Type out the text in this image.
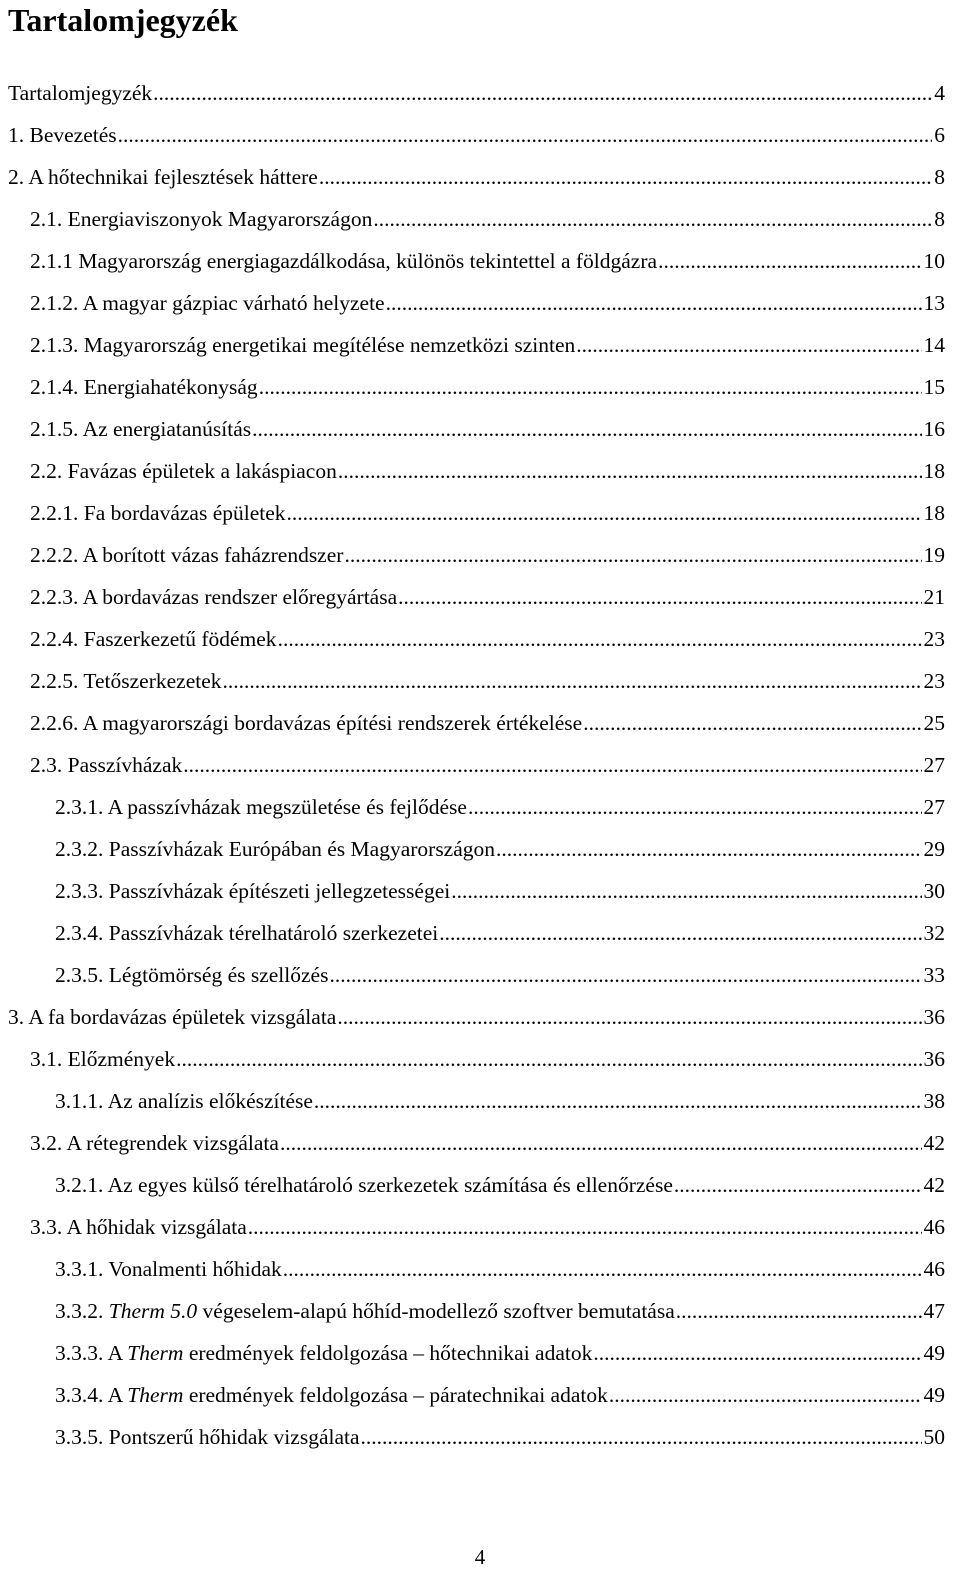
Tartalomjegyzék
Tartalomjegyzék .....	4
1. Bevezetés .....	6
2. A hőtechnikai fejlesztések háttere .....	8
2.1. Energiaviszonyok Magyarországon .....	8
2.1.1 Magyarország energiagazdálkodása, különös tekintettel a földgázra .....	10
2.1.2. A magyar gázpiac várható helyzete .....	13
2.1.3. Magyarország energetikai megítélése nemzetközi szinten .....	14
2.1.4. Energiahatékonyság .....	15
2.1.5. Az energiatanúsítás .....	16
2.2. Favázas épületek a lakáspiacon .....	18
2.2.1. Fa bordavázas épületek .....	18
2.2.2. A borított vázas faházrendszer .....	19
2.2.3. A bordavázas rendszer előregyártása .....	21
2.2.4. Faszerkezetű födémek .....	23
2.2.5. Tetőszerkezetek .....	23
2.2.6. A magyarországi bordavázas építési rendszerek értékelése .....	25
2.3. Passzívházak .....	27
2.3.1. A passzívházak megszületése és fejlődése .....	27
2.3.2. Passzívházak Európában és Magyarországon .....	29
2.3.3. Passzívházak építészeti jellegzetességei .....	30
2.3.4. Passzívházak térelhatároló szerkezetei .....	32
2.3.5. Légtömörség és szellőzés .....	33
3. A fa bordavázas épületek vizsgálata .....	36
3.1. Előzmények .....	36
3.1.1. Az analízis előkészítése .....	38
3.2. A rétegrendek vizsgálata .....	42
3.2.1. Az egyes külső térelhatároló szerkezetek számítása és ellenőrzése .....	42
3.3. A hőhidak vizsgálata .....	46
3.3.1. Vonalmenti hőhidak .....	46
3.3.2. Therm 5.0 végeselem-alapú hőhíd-modellező szoftver bemutatása .....	47
3.3.3. A Therm eredmények feldolgozása – hőtechnikai adatok .....	49
3.3.4. A Therm eredmények feldolgozása – páratechnikai adatok .....	49
3.3.5. Pontszerű hőhidak vizsgálata .....	50
4
